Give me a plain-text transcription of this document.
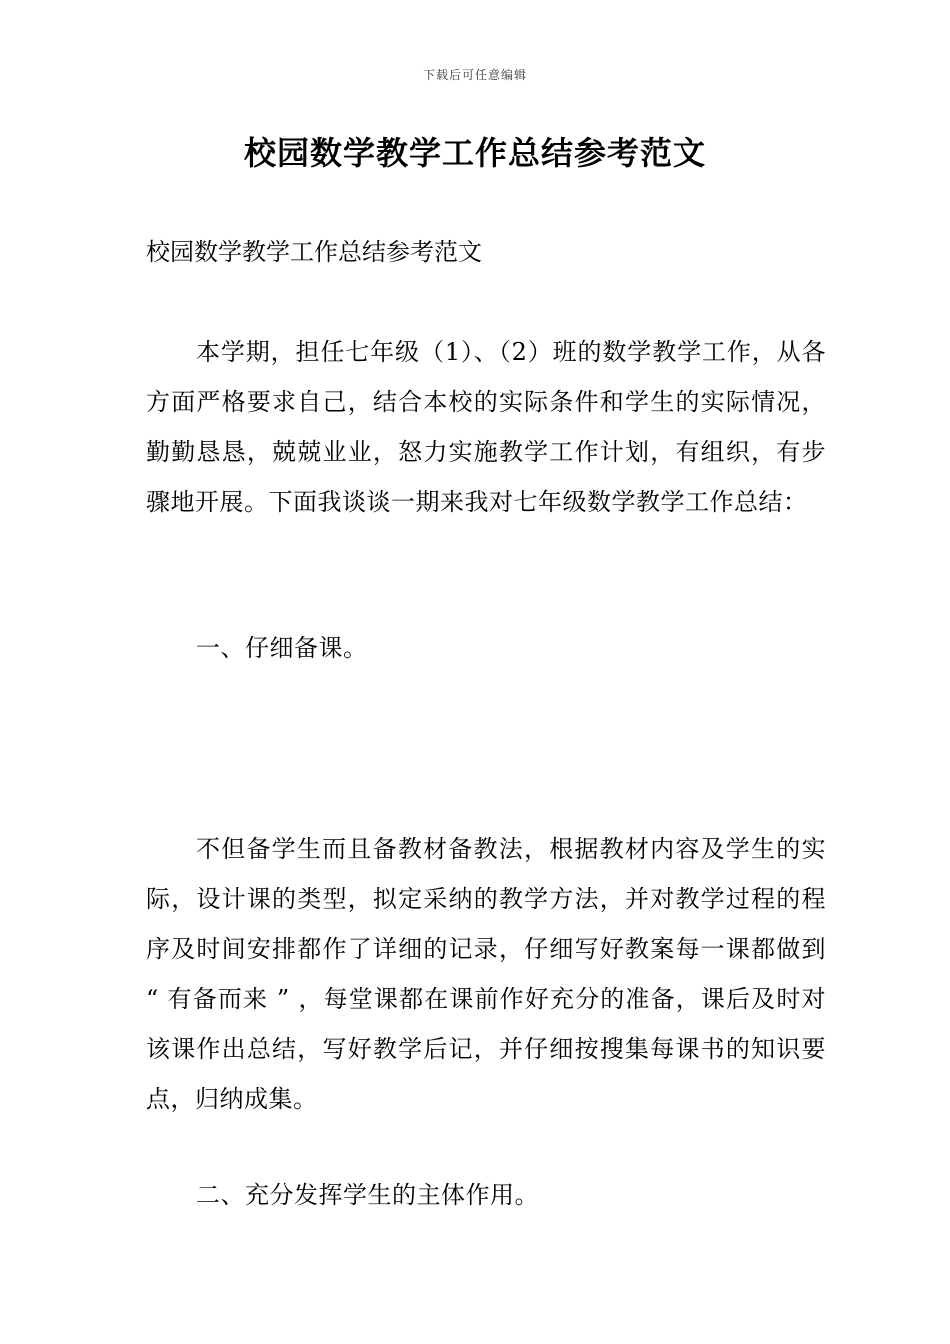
下载后可任意编辑
校园数学教学工作总结参考范文
校园数学教学工作总结参考范文
本学期，担任七年级（1）、（2）班的数学教学工作，从各方面严格要求自己，结合本校的实际条件和学生的实际情况，勤勤恳恳，兢兢业业，怒力实施教学工作计划，有组织，有步骤地开展。下面我谈谈一期来我对七年级数学教学工作总结：
一、仔细备课。
不但备学生而且备教材备教法，根据教材内容及学生的实际，设计课的类型，拟定采纳的教学方法，并对教学过程的程序及时间安排都作了详细的记录，仔细写好教案每一课都做到 “ 有备而来 ” ，每堂课都在课前作好充分的准备，课后及时对该课作出总结，写好教学后记，并仔细按搜集每课书的知识要点，归纳成集。
二、充分发挥学生的主体作用。
